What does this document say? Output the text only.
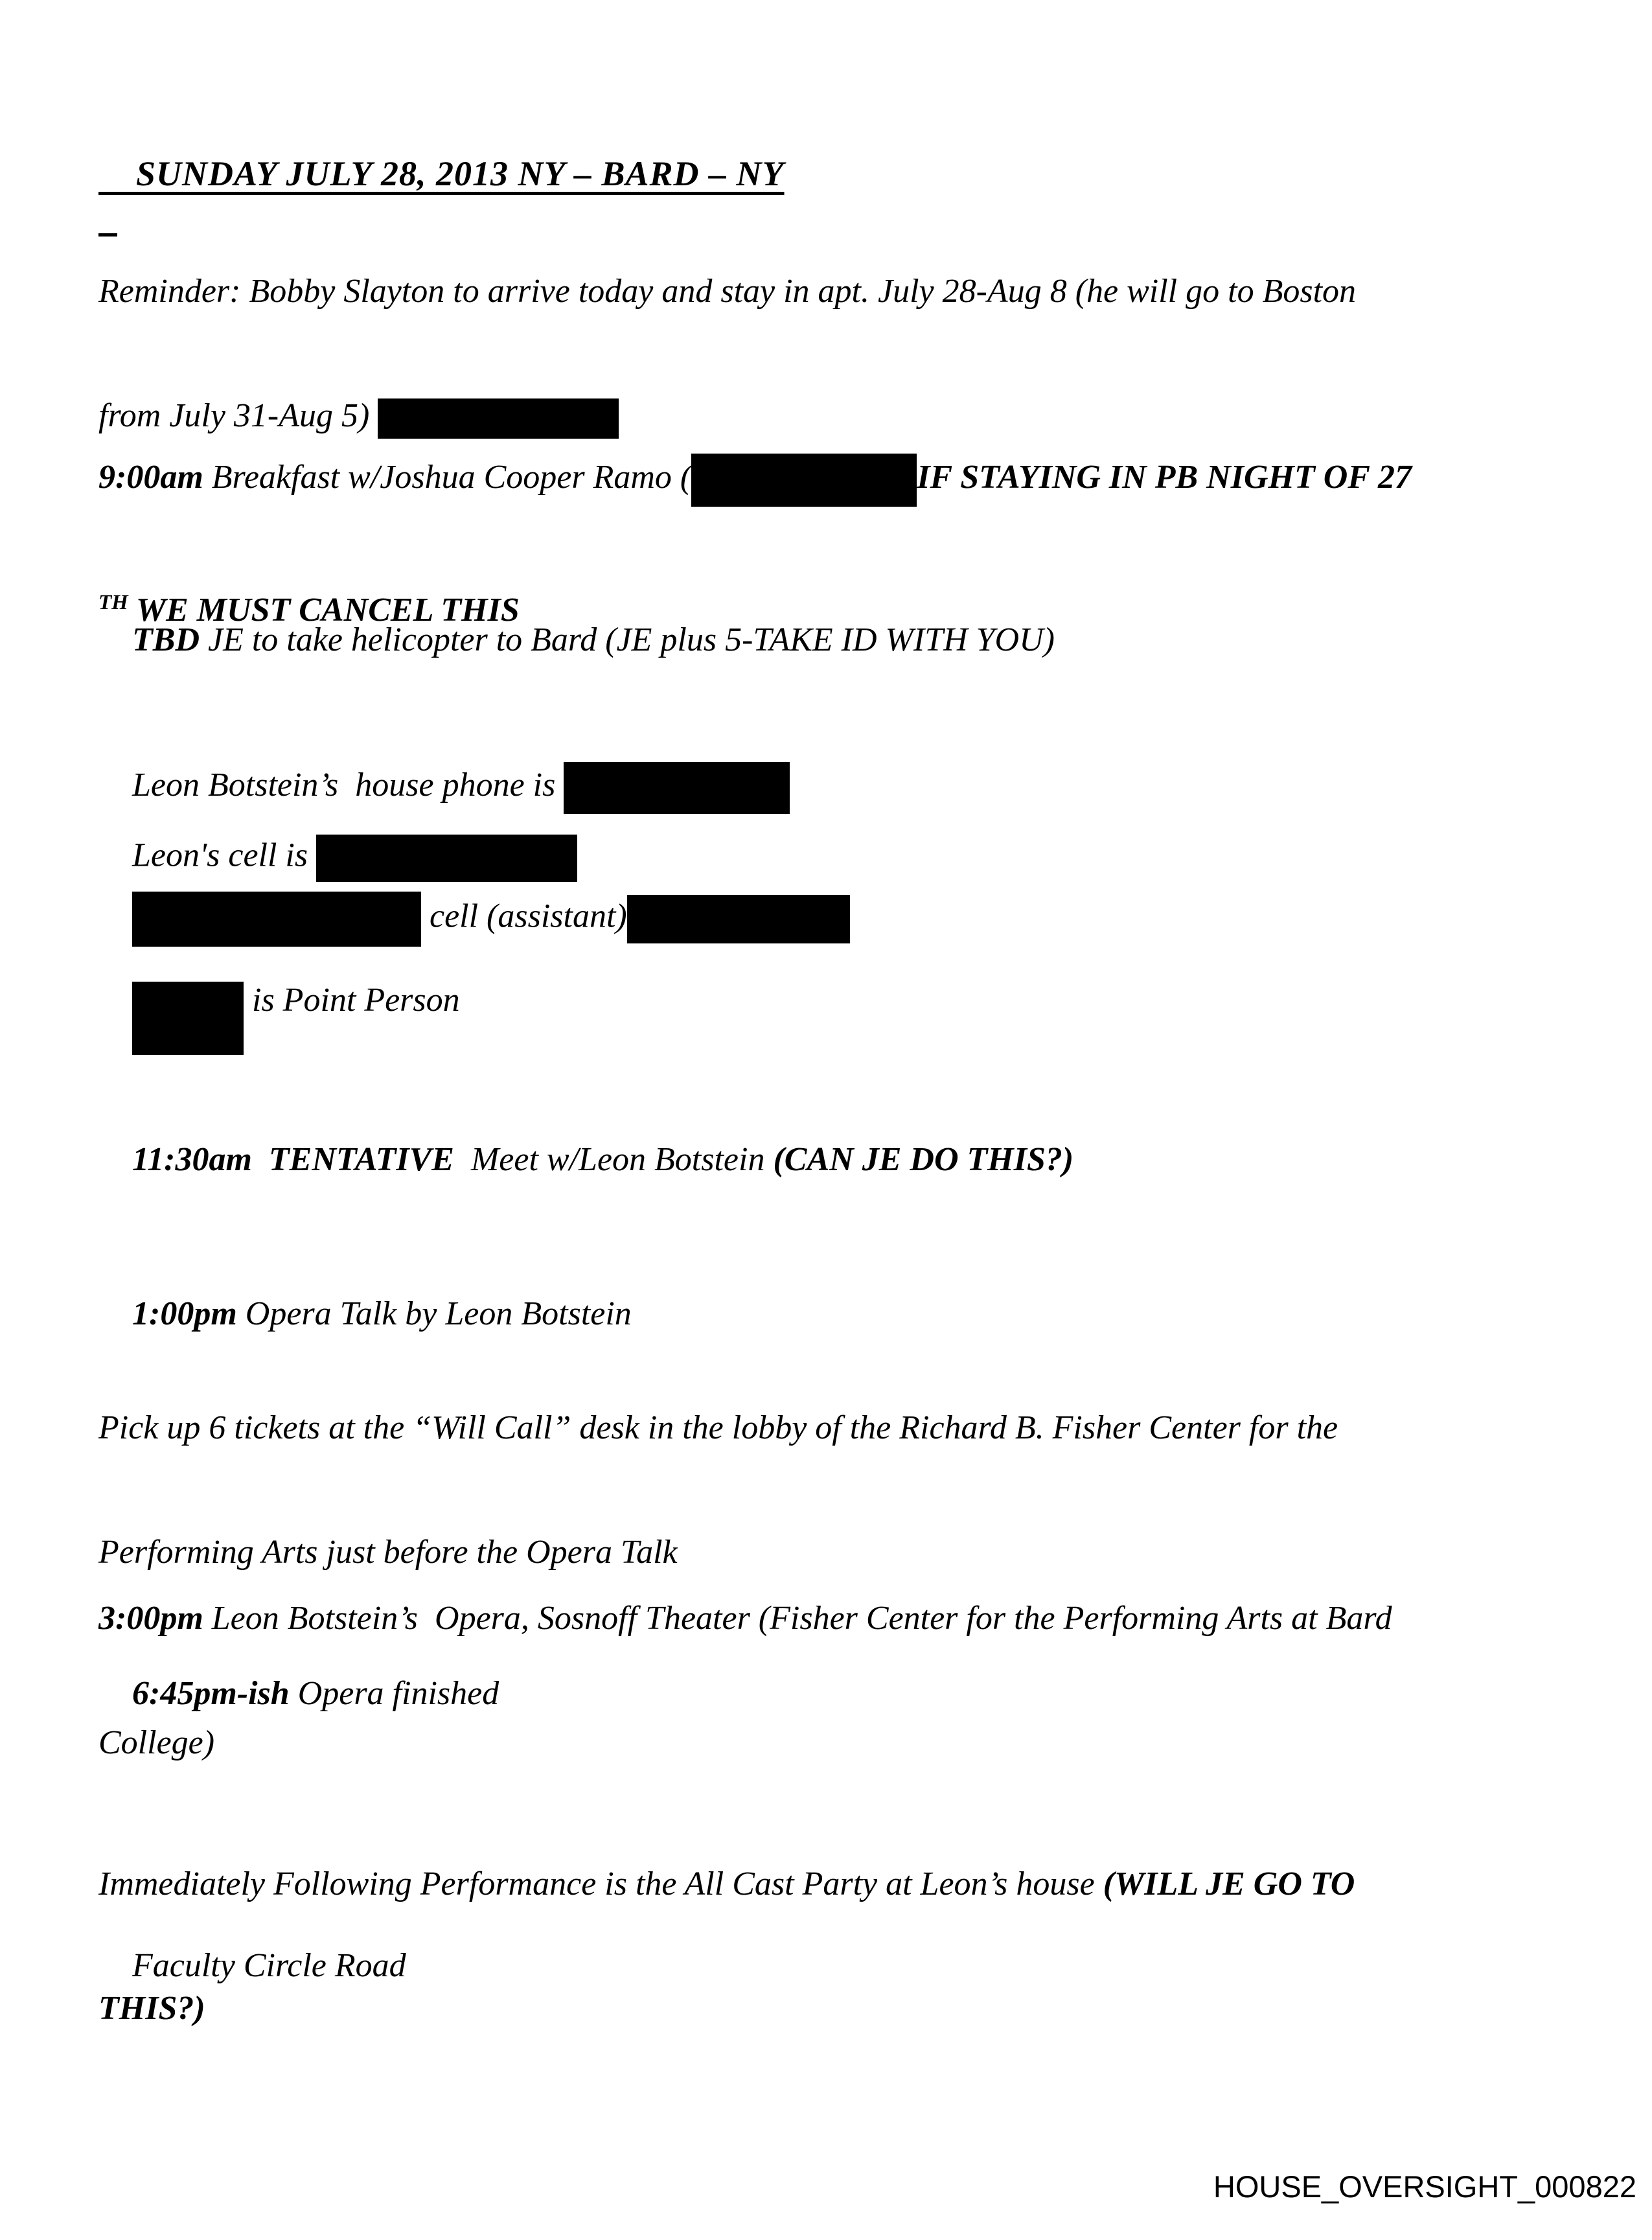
SUNDAY JULY 28, 2013 NY – BARD – NY

Reminder: Bobby Slayton to arrive today and stay in apt. July 28-Aug 8 (he will go to Boston

from July 31-Aug 5)

9:00am Breakfast w/Joshua Cooper Ramo (	IF STAYING IN PB NIGHT OF 27

$^{TH}$ WE MUST CANCEL THIS

TBD JE to take helicopter to Bard (JE plus 5-TAKE ID WITH YOU)

Leon Botstein’s  house phone is

Leon's cell is

cell (assistant)

is Point Person

11:30am  TENTATIVE  Meet w/Leon Botstein (CAN JE DO THIS?)

1:00pm Opera Talk by Leon Botstein

Pick up 6 tickets at the “Will Call” desk in the lobby of the Richard B. Fisher Center for the

Performing Arts just before the Opera Talk

3:00pm Leon Botstein’s  Opera, Sosnoff Theater (Fisher Center for the Performing Arts at Bard

College)

6:45pm-ish Opera finished

Immediately Following Performance is the All Cast Party at Leon’s house (WILL JE GO TO

THIS?)

Faculty Circle Road

HOUSE_OVERSIGHT_000822
